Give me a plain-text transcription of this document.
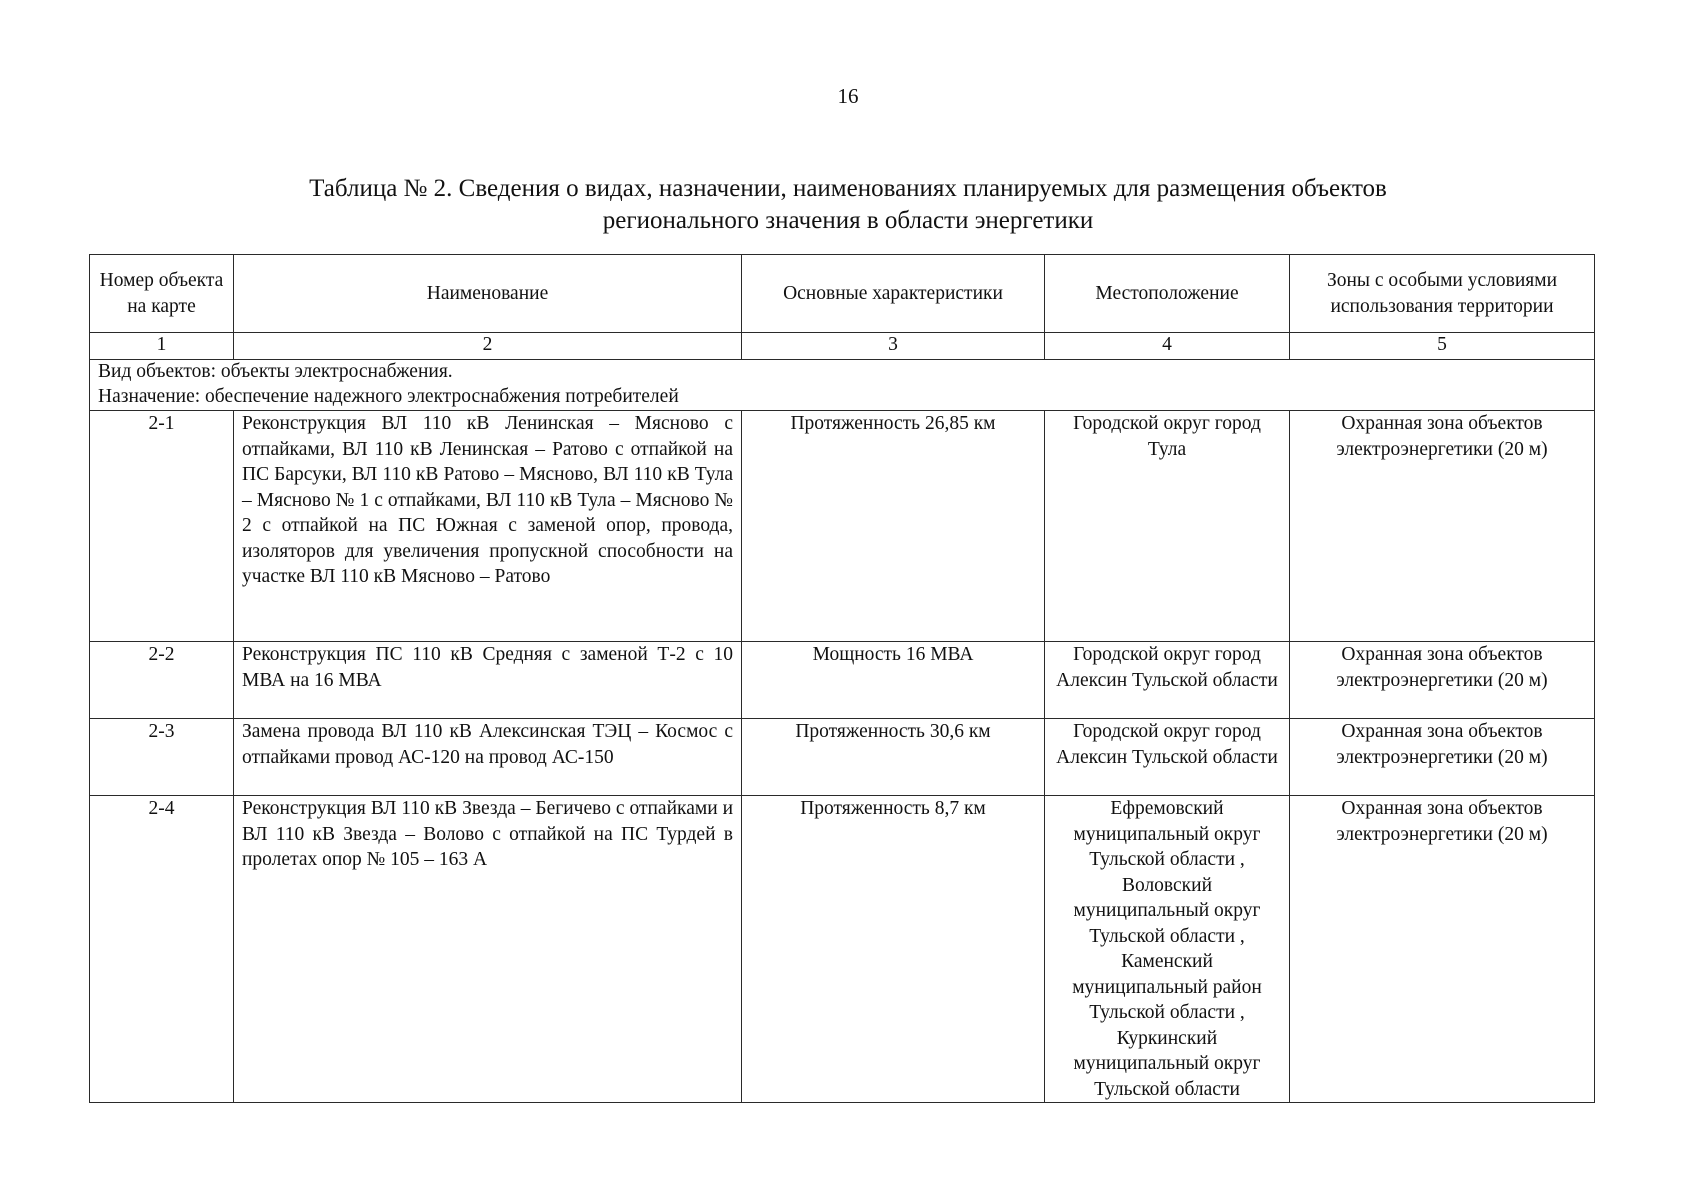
16
Таблица № 2. Сведения о видах, назначении, наименованиях планируемых для размещения объектов
регионального значения в области энергетики
Номер объекта на карте	Наименование	Основные характеристики	Местоположение	Зоны с особыми условиями использования территории
1	2	3	4	5

Вид объектов: объекты электроснабжения.
Назначение: обеспечение надежного электроснабжения потребителей				

2-1	Реконструкция ВЛ 110 кВ Ленинская – Мясново с отпайками, ВЛ 110 кВ Ленинская – Ратово с отпайкой на ПС Барсуки, ВЛ 110 кВ Ратово – Мясново, ВЛ 110 кВ Тула – Мясново № 1 с отпайками, ВЛ 110 кВ Тула – Мясново № 2 с отпайкой на ПС Южная с заменой опор, провода, изоляторов для увеличения пропускной способности на участке ВЛ 110 кВ Мясново – Ратово	Протяженность 26,85 км	Городской округ город Тула	Охранная зона объектов электроэнергетики (20 м)
2-2	Реконструкция ПС 110 кВ Средняя с заменой Т-2 с 10 МВА на 16 МВА	Мощность 16 МВА	Городской округ город Алексин Тульской области	Охранная зона объектов электроэнергетики (20 м)
2-3	Замена провода ВЛ 110 кВ Алексинская ТЭЦ – Космос с отпайками провод АС-120 на провод АС-150	Протяженность 30,6 км	Городской округ город Алексин Тульской области	Охранная зона объектов электроэнергетики (20 м)
2-4	Реконструкция ВЛ 110 кВ Звезда – Бегичево с отпайками и ВЛ 110 кВ Звезда – Волово с отпайкой на ПС Турдей в пролетах опор № 105 – 163 А	Протяженность 8,7 км	Ефремовский муниципальный округ Тульской области , Воловский муниципальный округ Тульской области , Каменский муниципальный район Тульской области , Куркинский муниципальный округ Тульской области	Охранная зона объектов электроэнергетики (20 м)
